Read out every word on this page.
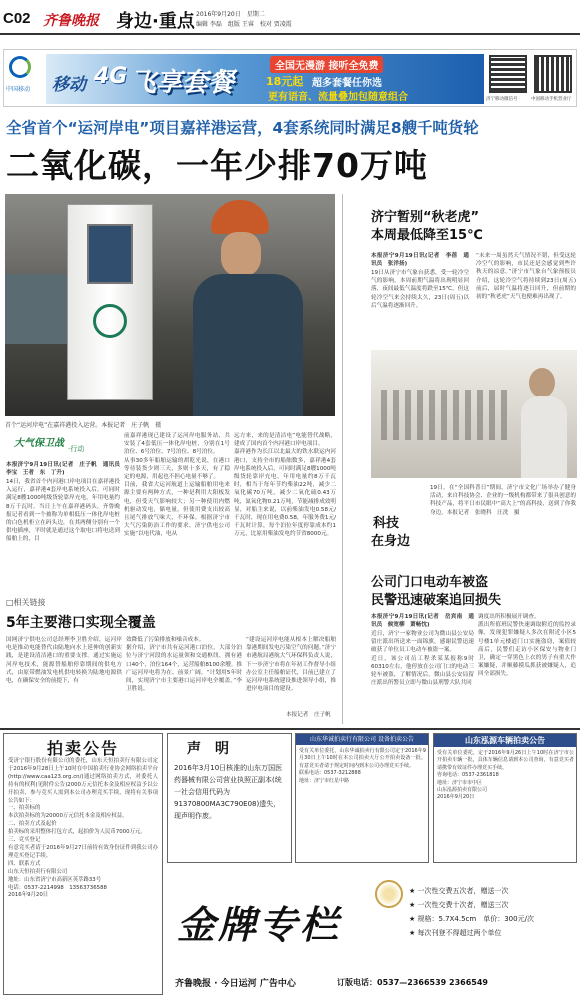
C02 齐鲁晚报 身边·重点 2016年9月20日　星期二
编辑 李磊　组版 王睿　校对 贾凌霞
中国移动 移动 4G 飞享套餐
全国无漫游 接听全免费
18元起 超多套餐任你选
更有语音、流量叠加包随意组合	济宁移动微信号	中国移动手机营业厅
全省首个“运河岸电”项目嘉祥港运营，4套系统同时满足8艘千吨货轮
二氧化碳，一年少排70万吨
首个“运河岸电”在嘉祥港投入运营。本报记者　庄子帆　摄
大气保卫战 ·行动
本报济宁9月19日讯(记者　庄子帆　通讯员　李宝　王者　东　丁升)
14日，我省首个内河港口岸电项目在嘉祥港投入运行，嘉祥港4套岸电系统投入后，可同时满足8艘1000吨级货轮靠岸充电，年用电量约8万千瓦时。当日上午在嘉祥港码头，齐鲁晚报记者看到一个被称为单相低压一体化岸电桩的白色机柜立在码头边，在其两侧分别有一个供电插座，平时就是通过这个取电口将电送到船舶上的，目
前嘉祥港现已建设了运河岸电服务站，共安装了4套低压一体化岸电桩，分别在1号泊位、6号泊位、7号泊位、8号泊位。
从事30多年船舶运输的胡乾光说，在港口等待装货少则三天，多则十多天，有了稳定的电源，用起也不担心电量不够了。
目前，我省大运河航道上运输船舶用电来源主要有两种方式，一种是利用大阳板发电，但受天气影响较大；另一种使用内燃机驱动发电，储电量，但使用费支出较高且尾气排放气味大，不环保。根据济宁市大气污染防治工作的要求，济宁供电公司实施“以电代油，电从
远方来，来的是清洁电”电能替代战略，建成了国内首个内河港口岸电项目。
嘉祥港作为长江以北最大的铁水联运内河港口，支持全市的船舶数多，嘉祥港4套岸电系统投入后，可同时满足8艘1000吨级货轮靠岸充电，年用电量约8万千瓦时，相当于每年节约柴油22吨，减少二氧化碳70万吨，减少二氧化硫0.43万吨，氮氧化物0.21万吨，节能减排成效明显，对船主来说，以前柴油发电0.58元/千瓦时，现在用电费0.58，年服务费1元/千瓦时计算，每个泊位年度停靠成本约1万元，比原用柴油发电约节省8000元。
□相关链接
5年主要港口实现全覆盖
国网济宁供电公司总经理李卫胜介绍，运河岸电是推动电能替代由陆地向水上延伸的创新实践，是建设清洁港口的重要支撑。通过实施运河岸电技术，能源替船舶停靠期间的供电方式，由原带燃油发电机供电转换为陆地电源供电，在确保安全的前提下，有
效降低了污染排放和噪音成本。
据介绍，济宁市共有运河港口泊位，大部分泊位与济宁河段的水运量领和交通枢纽，拥有港口40个，泊位164个，运营船舶8100余艘。推广运河岸电将为在、前景广阔。“计划用5年时间，实现济宁市主要港口运河岸电全覆盖。”李卫胜说。
“建设运河岸电能从根本上解决船舶靠港期间发电污染空气的问题。”济宁市港航局港航大气环保科负责人说，下一步济宁市将在年初工作督导小组办公室主任船舶证代，目前已建立了运河岸电系统建设推进领导小组，推进岸电项目的建设。
本报记者　庄子帆
济宁暂别“秋老虎”
本周最低降至15℃
本报济宁9月19日讯(记者　李蓓　通讯员　张洋扬)
19日从济宁市气象台获悉，受一轮冷空气的影响，本周前期气温将出现明显回落，夜间最低气温度将跌至15℃，但这轮冷空气来会持续太久，23日(周五)以后气温将逐渐回升。
“未来一周虽然天气情况不错，但受这轮冷空气的影响，市民还是会感觉到些许秋天的凉意。”济宁市气象台气象预报员介绍，这轮冷空气将持续到23日(周五)前后，届时气温将逐日回升，但前期的初的“秋老虎”天气也便难再出现了。
科技
在身边
19日，在“全国科普日”期间，济宁市文化广场举办了健身活动，来自科技协会、企业的一级机构都带来了很具创意的科技产品，将平日市民眼中“高大上”的高科技，送到了你我身边。本报记者　张晓科　汪洗　摄
公司门口电动车被盗
民警迅速破案追回损失
本报济宁9月19日讯(记者　岳宾南　通讯员　候宽柳　萧畅忱)
近日，济宁一家物业公司为微山县公安局留庄派出所送来一面锦旗，感谢民警迅速破获了单位员工电动车被盗一案。
近日，该公司员工程杀某某报称9时60310左右，他停放在公司门口的电动三轮车被盗，了解情况后，微山县公安局留庄派出所警员立即与微山县刑警大队共同
调度出所积极展开调查。
派出所值班民警快速调取附近的监控录像，发现犯罪嫌疑人多次在附近小区5号楼1单元楼道门口实施盗窃，案值较高后，民警们走访小区保安与物业门卫，确定一穿黑色上衣的男子有重大作案嫌疑，并顺藤摸瓜抓获被嫌疑人，追回全部损失。
拍卖公告
受济宁银行股份有限公司的委托，山东天恒拍卖行有限公司定于2016年9月28日上午10时在中国拍卖行业协会网络拍卖平台(http://www.caa123.org.cn/)通过网络拍卖方式，对委托人持有的权利(见附件公告)2000万元信托本金及相应权益予以公开拍卖，参与竞买人需到本公司办理竞买手续，现将有关事项公告如下：
一、拍卖标的
本次拍卖标的为20000万元信托本金及相应权益。
二、拍卖方式及起价
拍卖标的采用整体打包方式，起拍价为人民币7000万元。
三、竞买登记
有意竞买者请于2016年9月27日前持有效身份证件到我公司办理竞买登记手续。
四、联系方式
山东天恒拍卖行有限公司
地址：山东省济宁市高新区英萃路33号
电话：0537-2214998　13563736588
2016年9月20日
声　明
2016年3月10日核准的山东万国医药器械有限公司营业执照正副本(统一社会信用代码为91370800MA3C790E08)遗失，现声明作废。
山东华诚拍卖行有限公司 设备拍卖公告
受有关单位委托，山东华诚拍卖行有限公司定于2016年9月30日上午10时在本公司拍卖大厅公开拍卖设备一批。有意竞买者请于规定时间内到本公司办理竞买手续。
联系电话：0537-3212888
地址：济宁市红星中路
山东泓源车辆拍卖公告
受有关单位委托，定于2016年9月26日上午10时在济宁市公开拍卖车辆一批，具体车辆信息请到本公司查询，有意竞买者请携带有效证件办理竞买手续。
咨询电话：0537-2361818
地址：济宁市市中区
山东泓源拍卖有限公司
2016年9月20日
金牌专栏
★ 一次性交费五次者，赠送一次
★ 一次性交费十次者，赠送三次
★ 规格：5.7X4.5cm　单价：300元/次
★ 每次刊登不得超过两个单位
齐鲁晚报 · 今日运河 广告中心	订版电话：0537—2366539 2366549
